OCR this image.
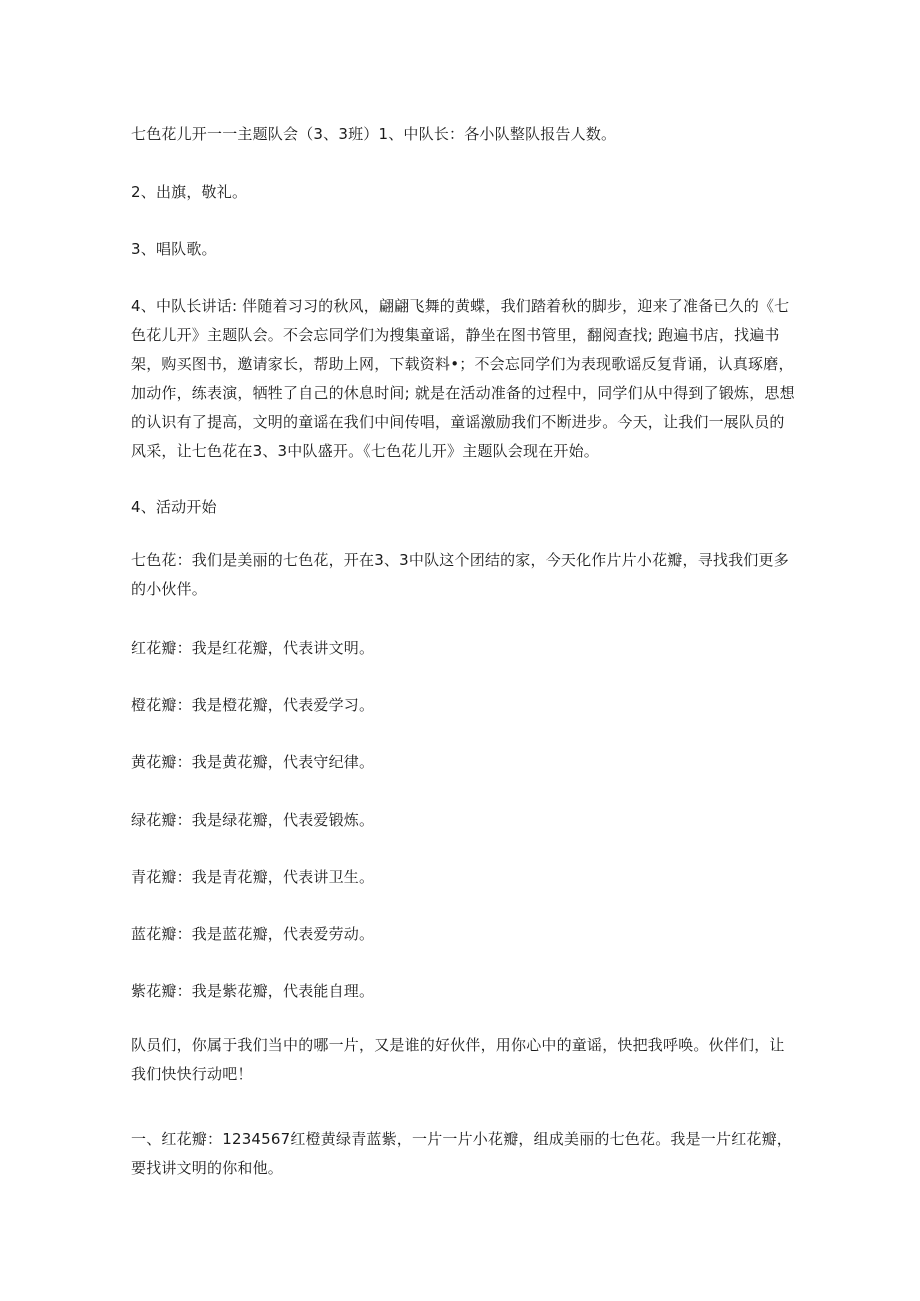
七色花儿开一一主题队会（3、3班）1、中队长：各小队整队报告人数。

2、出旗，敬礼。

3、唱队歌。

4、中队长讲话: 伴随着习习的秋风，翩翩飞舞的黄蝶，我们踏着秋的脚步，迎来了准备已久的《七色花儿开》主题队会。不会忘同学们为搜集童谣，静坐在图书管里，翻阅查找; 跑遍书店，找遍书架，购买图书，邀请家长，帮助上网，下载资料•；不会忘同学们为表现歌谣反复背诵，认真琢磨，加动作，练表演，牺牲了自己的休息时间; 就是在活动准备的过程中，同学们从中得到了锻炼，思想的认识有了提高，文明的童谣在我们中间传唱，童谣激励我们不断进步。今天，让我们一展队员的风采，让七色花在3、3中队盛开。《七色花儿开》主题队会现在开始。

4、活动开始

七色花：我们是美丽的七色花，开在3、3中队这个团结的家，今天化作片片小花瓣，寻找我们更多的小伙伴。

红花瓣：我是红花瓣，代表讲文明。

橙花瓣：我是橙花瓣，代表爱学习。

黄花瓣：我是黄花瓣，代表守纪律。

绿花瓣：我是绿花瓣，代表爱锻炼。

青花瓣：我是青花瓣，代表讲卫生。

蓝花瓣：我是蓝花瓣，代表爱劳动。

紫花瓣：我是紫花瓣，代表能自理。

队员们，你属于我们当中的哪一片，又是谁的好伙伴，用你心中的童谣，快把我呼唤。伙伴们，让我们快快行动吧！

一、红花瓣：1234567红橙黄绿青蓝紫，一片一片小花瓣，组成美丽的七色花。我是一片红花瓣，要找讲文明的你和他。
